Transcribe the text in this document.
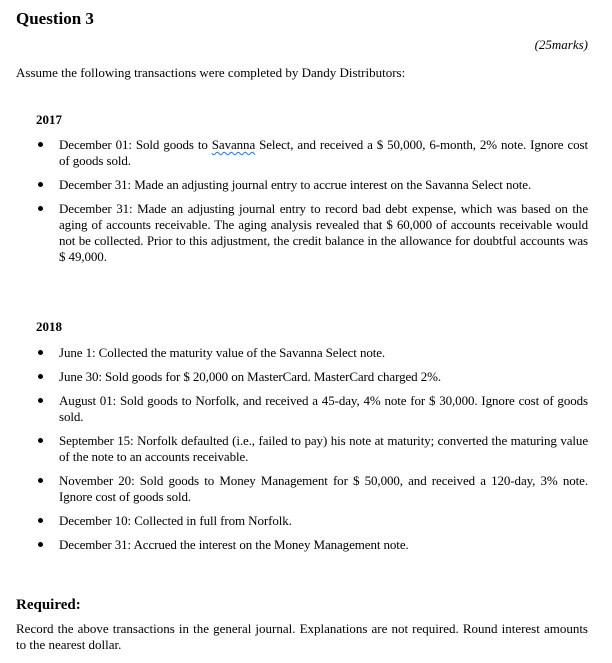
Question 3
(25marks)
Assume the following transactions were completed by Dandy Distributors:
2017
December 01: Sold goods to Savanna Select, and received a $ 50,000, 6-month, 2% note. Ignore cost of goods sold.
December 31: Made an adjusting journal entry to accrue interest on the Savanna Select note.
December 31: Made an adjusting journal entry to record bad debt expense, which was based on the aging of accounts receivable. The aging analysis revealed that $ 60,000 of accounts receivable would not be collected. Prior to this adjustment, the credit balance in the allowance for doubtful accounts was $ 49,000.
2018
June 1: Collected the maturity value of the Savanna Select note.
June 30: Sold goods for $ 20,000 on MasterCard. MasterCard charged 2%.
August 01: Sold goods to Norfolk, and received a 45-day, 4% note for $ 30,000. Ignore cost of goods sold.
September 15: Norfolk defaulted (i.e., failed to pay) his note at maturity; converted the maturing value of the note to an accounts receivable.
November 20: Sold goods to Money Management for $ 50,000, and received a 120-day, 3% note. Ignore cost of goods sold.
December 10: Collected in full from Norfolk.
December 31: Accrued the interest on the Money Management note.
Required:
Record the above transactions in the general journal. Explanations are not required. Round interest amounts to the nearest dollar.
